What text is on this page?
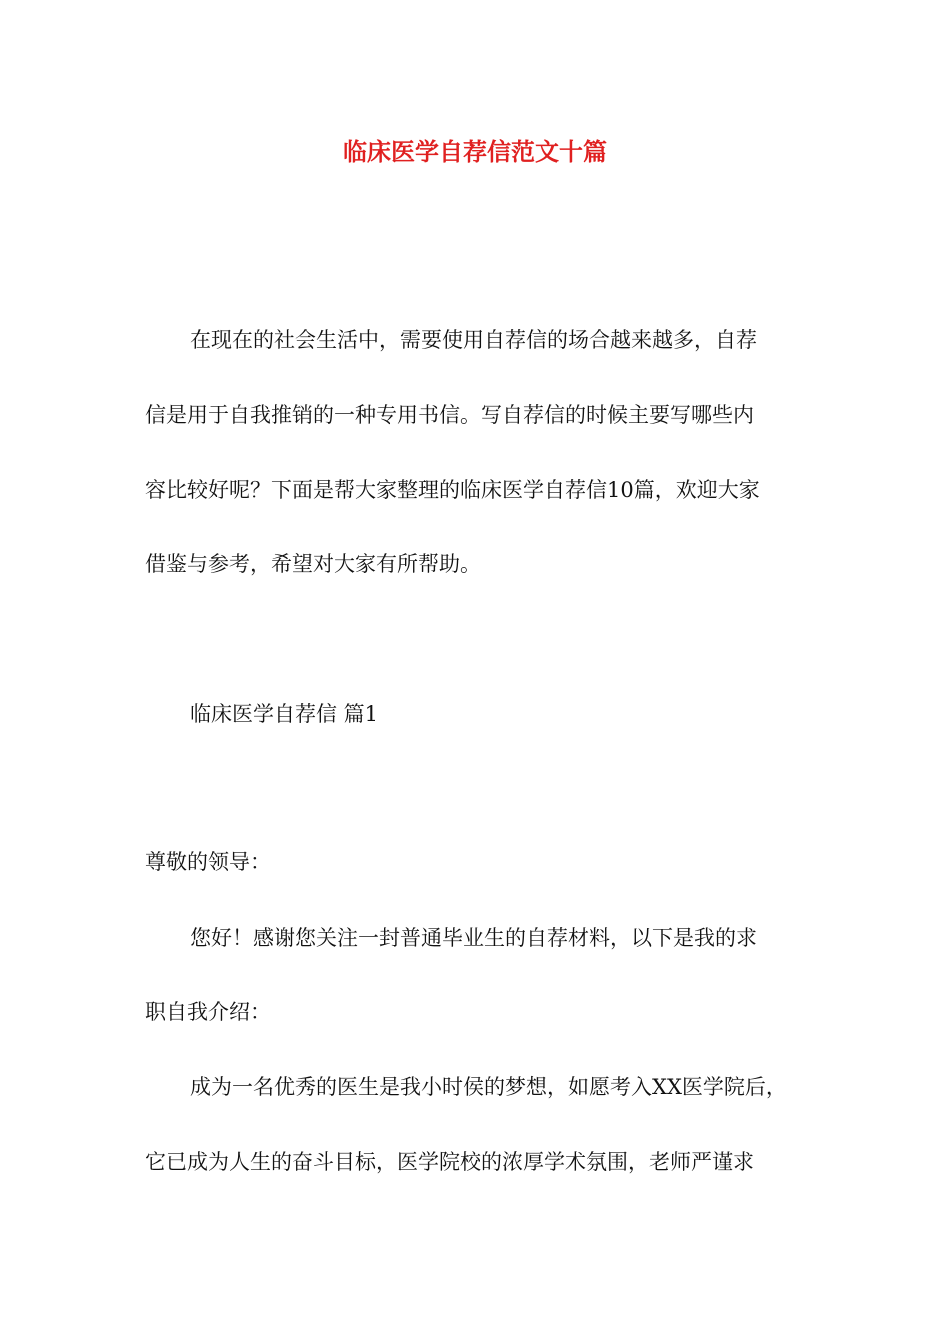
临床医学自荐信范文十篇
在现在的社会生活中，需要使用自荐信的场合越来越多，自荐
信是用于自我推销的一种专用书信。写自荐信的时候主要写哪些内
容比较好呢？下面是帮大家整理的临床医学自荐信10篇，欢迎大家
借鉴与参考，希望对大家有所帮助。
临床医学自荐信 篇1
尊敬的领导：
您好！感谢您关注一封普通毕业生的自荐材料，以下是我的求
职自我介绍：
成为一名优秀的医生是我小时侯的梦想，如愿考入XX医学院后，
它已成为人生的奋斗目标，医学院校的浓厚学术氛围，老师严谨求
